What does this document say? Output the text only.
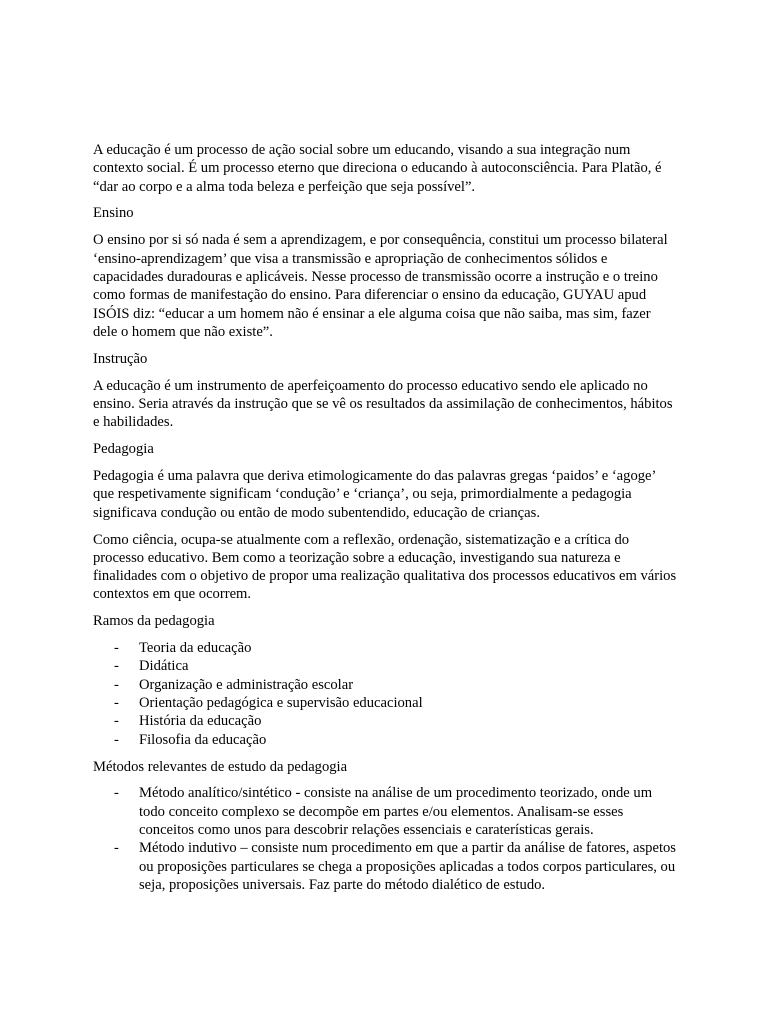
A educação é um processo de ação social sobre um educando, visando a sua integração num contexto social. É um processo eterno que direciona o educando à autoconsciência. Para Platão, é “dar ao corpo e a alma toda beleza e perfeição que seja possível”.

Ensino

O ensino por si só nada é sem a aprendizagem, e por consequência, constitui um processo bilateral ‘ensino-aprendizagem’ que visa a transmissão e apropriação de conhecimentos sólidos e capacidades duradouras e aplicáveis. Nesse processo de transmissão ocorre a instrução e o treino como formas de manifestação do ensino. Para diferenciar o ensino da educação, GUYAU apud ISÓIS diz: “educar a um homem não é ensinar a ele alguma coisa que não saiba, mas sim, fazer dele o homem que não existe”.

Instrução

A educação é um instrumento de aperfeiçoamento do processo educativo sendo ele aplicado no ensino. Seria através da instrução que se vê os resultados da assimilação de conhecimentos, hábitos e habilidades.

Pedagogia

Pedagogia é uma palavra que deriva etimologicamente do das palavras gregas ‘paidos’ e ‘agoge’ que respetivamente significam ‘condução’ e ‘criança’, ou seja, primordialmente a pedagogia significava condução ou então de modo subentendido, educação de crianças.

Como ciência, ocupa-se atualmente com a reflexão, ordenação, sistematização e a crítica do processo educativo. Bem como a teorização sobre a educação, investigando sua natureza e finalidades com o objetivo de propor uma realização qualitativa dos processos educativos em vários contextos em que ocorrem.

Ramos da pedagogia

- Teoria da educação
- Didática
- Organização e administração escolar
- Orientação pedagógica e supervisão educacional
- História da educação
- Filosofia da educação

Métodos relevantes de estudo da pedagogia

- Método analítico/sintético - consiste na análise de um procedimento teorizado, onde um todo conceito complexo se decompõe em partes e/ou elementos. Analisam-se esses conceitos como unos para descobrir relações essenciais e caraterísticas gerais.
- Método indutivo – consiste num procedimento em que a partir da análise de fatores, aspetos ou proposições particulares se chega a proposições aplicadas a todos corpos particulares, ou seja, proposições universais. Faz parte do método dialético de estudo.
